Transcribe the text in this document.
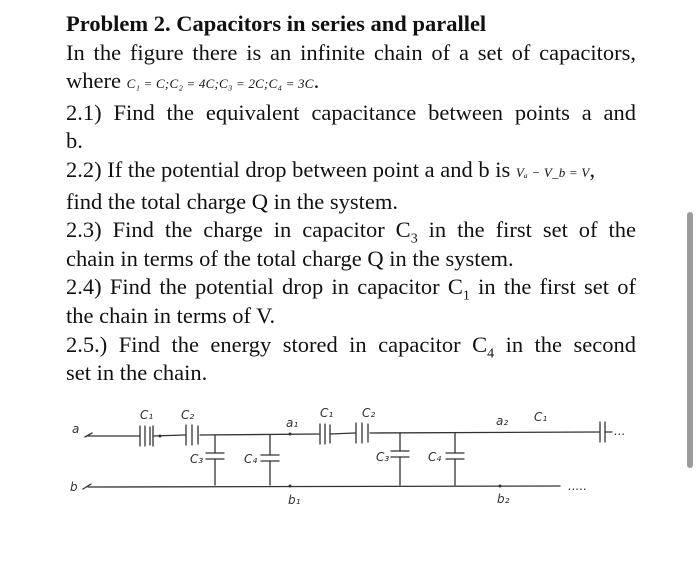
Problem 2. Capacitors in series and parallel

In the figure there is an infinite chain of a set of capacitors,

where C₁ = C;C₂ = 4C;C₃ = 2C;C₄ = 3C.

2.1) Find the equivalent capacitance between points a and

b.

2.2) If the potential drop between point a and b is Vₐ − V_b = V,

find the total charge Q in the system.

2.3) Find the charge in capacitor $C_3$ in the first set of the

chain in terms of the total charge Q in the system.

2.4) Find the potential drop in capacitor $C_1$ in the first set of

the chain in terms of V.

2.5.) Find the energy stored in capacitor $C_4$ in the second

set in the chain.

a
b
C₁ C₂
C₃	C₄
a₁
b₁
C₁ C₂
C₃	C₄
a₂
b₂
C₁
...
.....
